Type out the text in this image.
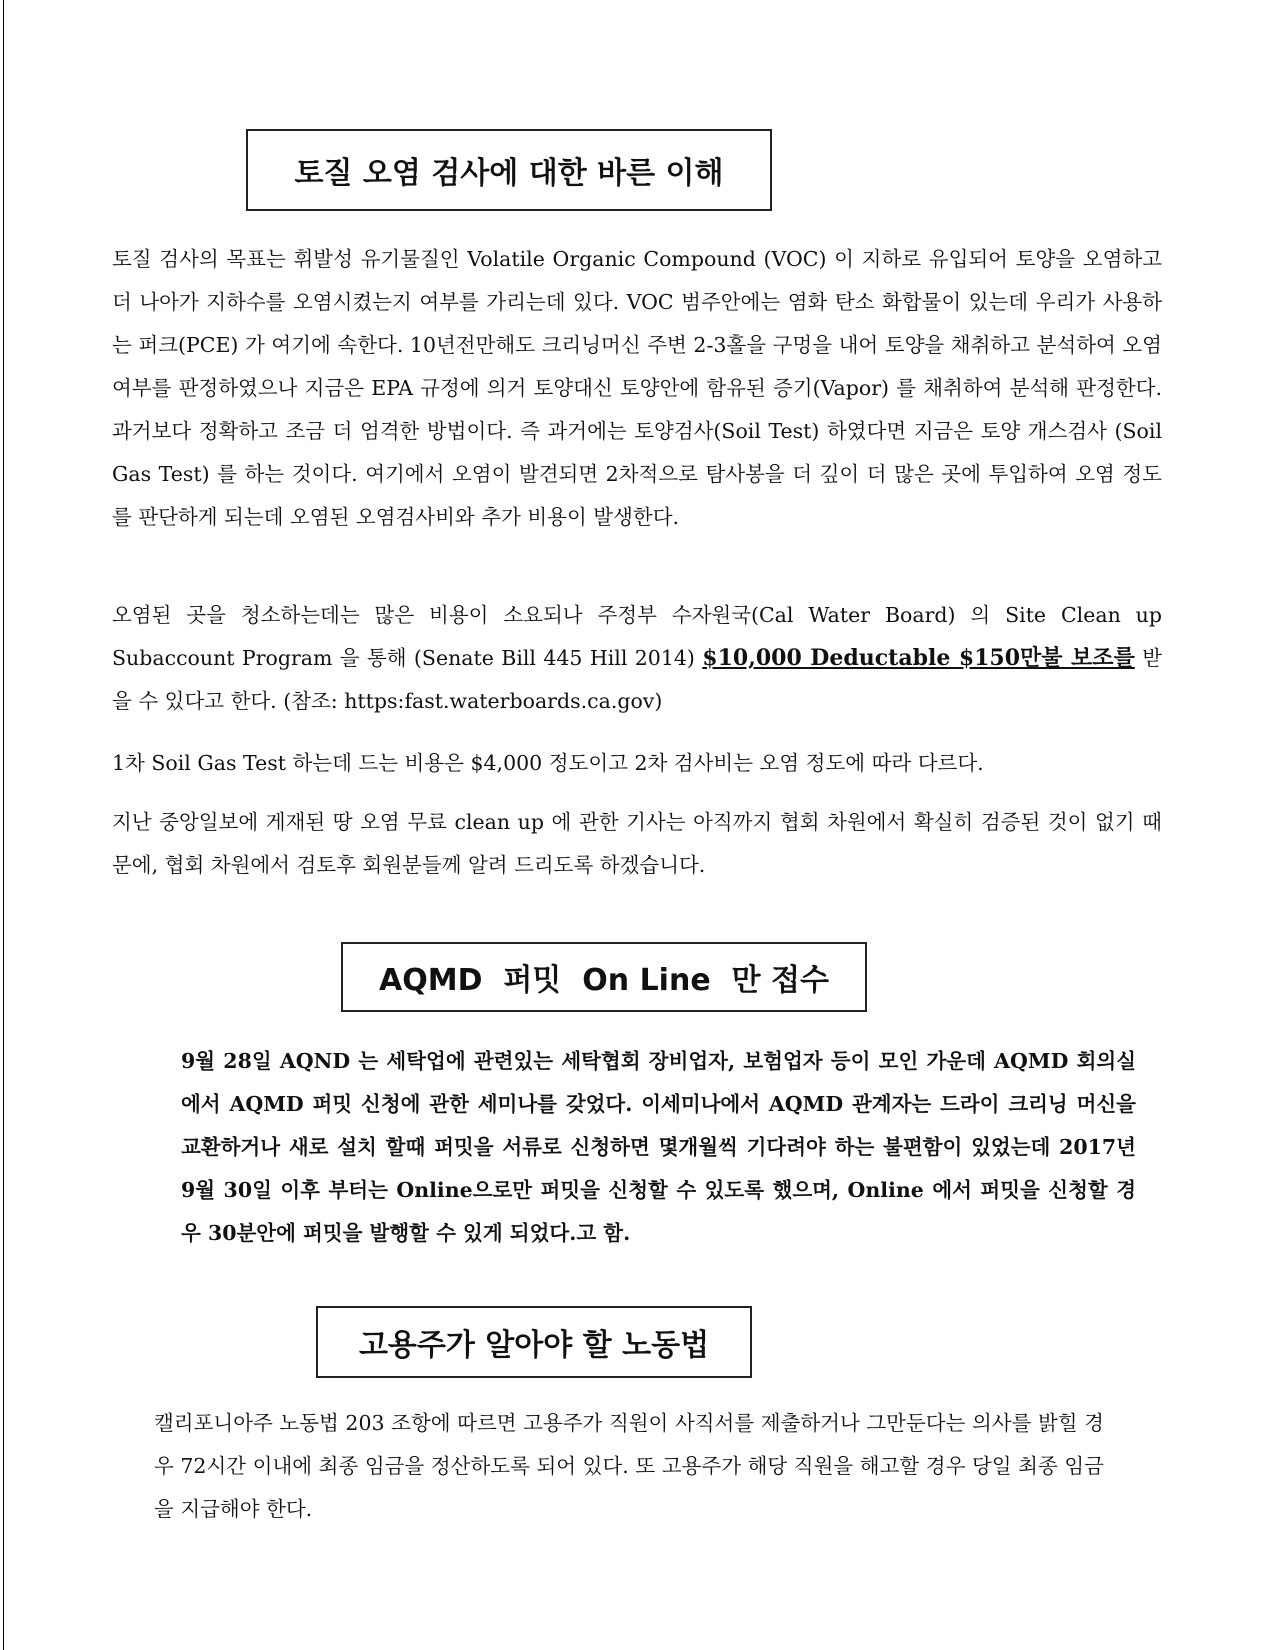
토질 오염 검사에 대한 바른 이해

토질 검사의 목표는 휘발성 유기물질인 Volatile Organic Compound (VOC) 이 지하로 유입되어 토양을 오염하고 더 나아가 지하수를 오염시켰는지 여부를 가리는데 있다. VOC 범주안에는 염화 탄소 화합물이 있는데 우리가 사용하는 퍼크(PCE) 가 여기에 속한다. 10년전만해도 크리닝머신 주변 2-3홀을 구멍을 내어 토양을 채취하고 분석하여 오염여부를 판정하였으나 지금은 EPA 규정에 의거 토양대신 토양안에 함유된 증기(Vapor) 를 채취하여 분석해 판정한다. 과거보다 정확하고 조금 더 엄격한 방법이다. 즉 과거에는 토양검사(Soil Test) 하였다면 지금은 토양 개스검사 (Soil Gas Test) 를 하는 것이다. 여기에서 오염이 발견되면 2차적으로 탐사봉을 더 깊이 더 많은 곳에 투입하여 오염 정도를 판단하게 되는데 오염된 오염검사비와 추가 비용이 발생한다.

오염된 곳을 청소하는데는 많은 비용이 소요되나 주정부 수자원국(Cal Water Board) 의 Site Clean up Subaccount Program 을 통해 (Senate Bill 445 Hill 2014) $10,000 Deductable $150만불 보조를 받을 수 있다고 한다. (참조: https:fast.waterboards.ca.gov)

1차 Soil Gas Test 하는데 드는 비용은 $4,000 정도이고 2차 검사비는 오염 정도에 따라 다르다.

지난 중앙일보에 게재된 땅 오염 무료 clean up 에 관한 기사는 아직까지 협회 차원에서 확실히 검증된 것이 없기 때문에, 협회 차원에서 검토후 회원분들께 알려 드리도록 하겠습니다.

AQMD  퍼밋  On Line  만 접수

9월 28일 AQND 는 세탁업에 관련있는 세탁협회 장비업자, 보험업자 등이 모인 가운데 AQMD 회의실에서 AQMD 퍼밋 신청에 관한 세미나를 갖었다. 이세미나에서 AQMD 관계자는 드라이 크리닝 머신을 교환하거나 새로 설치 할때 퍼밋을 서류로 신청하면 몇개월씩 기다려야 하는 불편함이 있었는데 2017년 9월 30일 이후 부터는 Online으로만 퍼밋을 신청할 수 있도록 했으며, Online 에서 퍼밋을 신청할 경우 30분안에 퍼밋을 발행할 수 있게 되었다.고 함.

고용주가 알아야 할 노동법

캘리포니아주 노동법 203 조항에 따르면 고용주가 직원이 사직서를 제출하거나 그만둔다는 의사를 밝힐 경우 72시간 이내에 최종 임금을 정산하도록 되어 있다. 또 고용주가 해당 직원을 해고할 경우 당일 최종 임금을 지급해야 한다.
